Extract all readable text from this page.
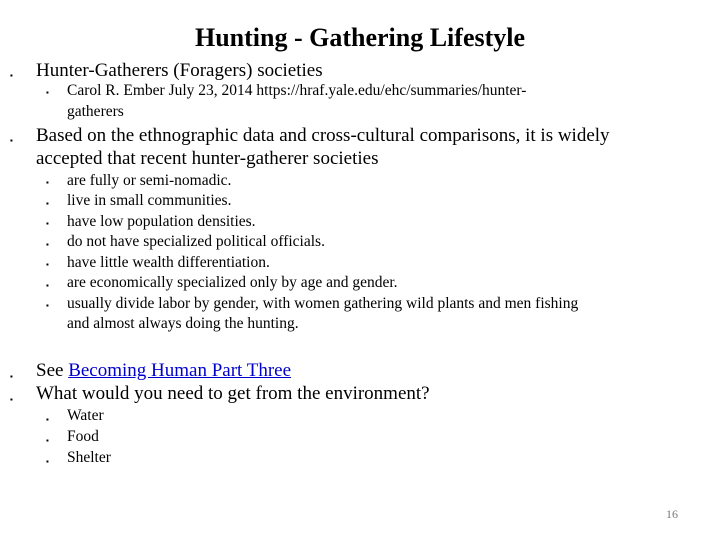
Hunting - Gathering Lifestyle
▪ Hunter-Gatherers (Foragers) societies
▪ Carol R. Ember July 23, 2014 https://hraf.yale.edu/ehc/summaries/hunter-
gatherers
▪ Based on the ethnographic data and cross-cultural comparisons, it is widely
accepted that recent hunter-gatherer societies
▪ are fully or semi-nomadic.
▪ live in small communities.
▪ have low population densities.
▪ do not have specialized political officials.
▪ have little wealth differentiation.
▪ are economically specialized only by age and gender.
▪ usually divide labor by gender, with women gathering wild plants and men fishing
and almost always doing the hunting.
▪ See Becoming Human Part Three
▪ What would you need to get from the environment?
▪ Water
▪ Food
▪ Shelter
16
